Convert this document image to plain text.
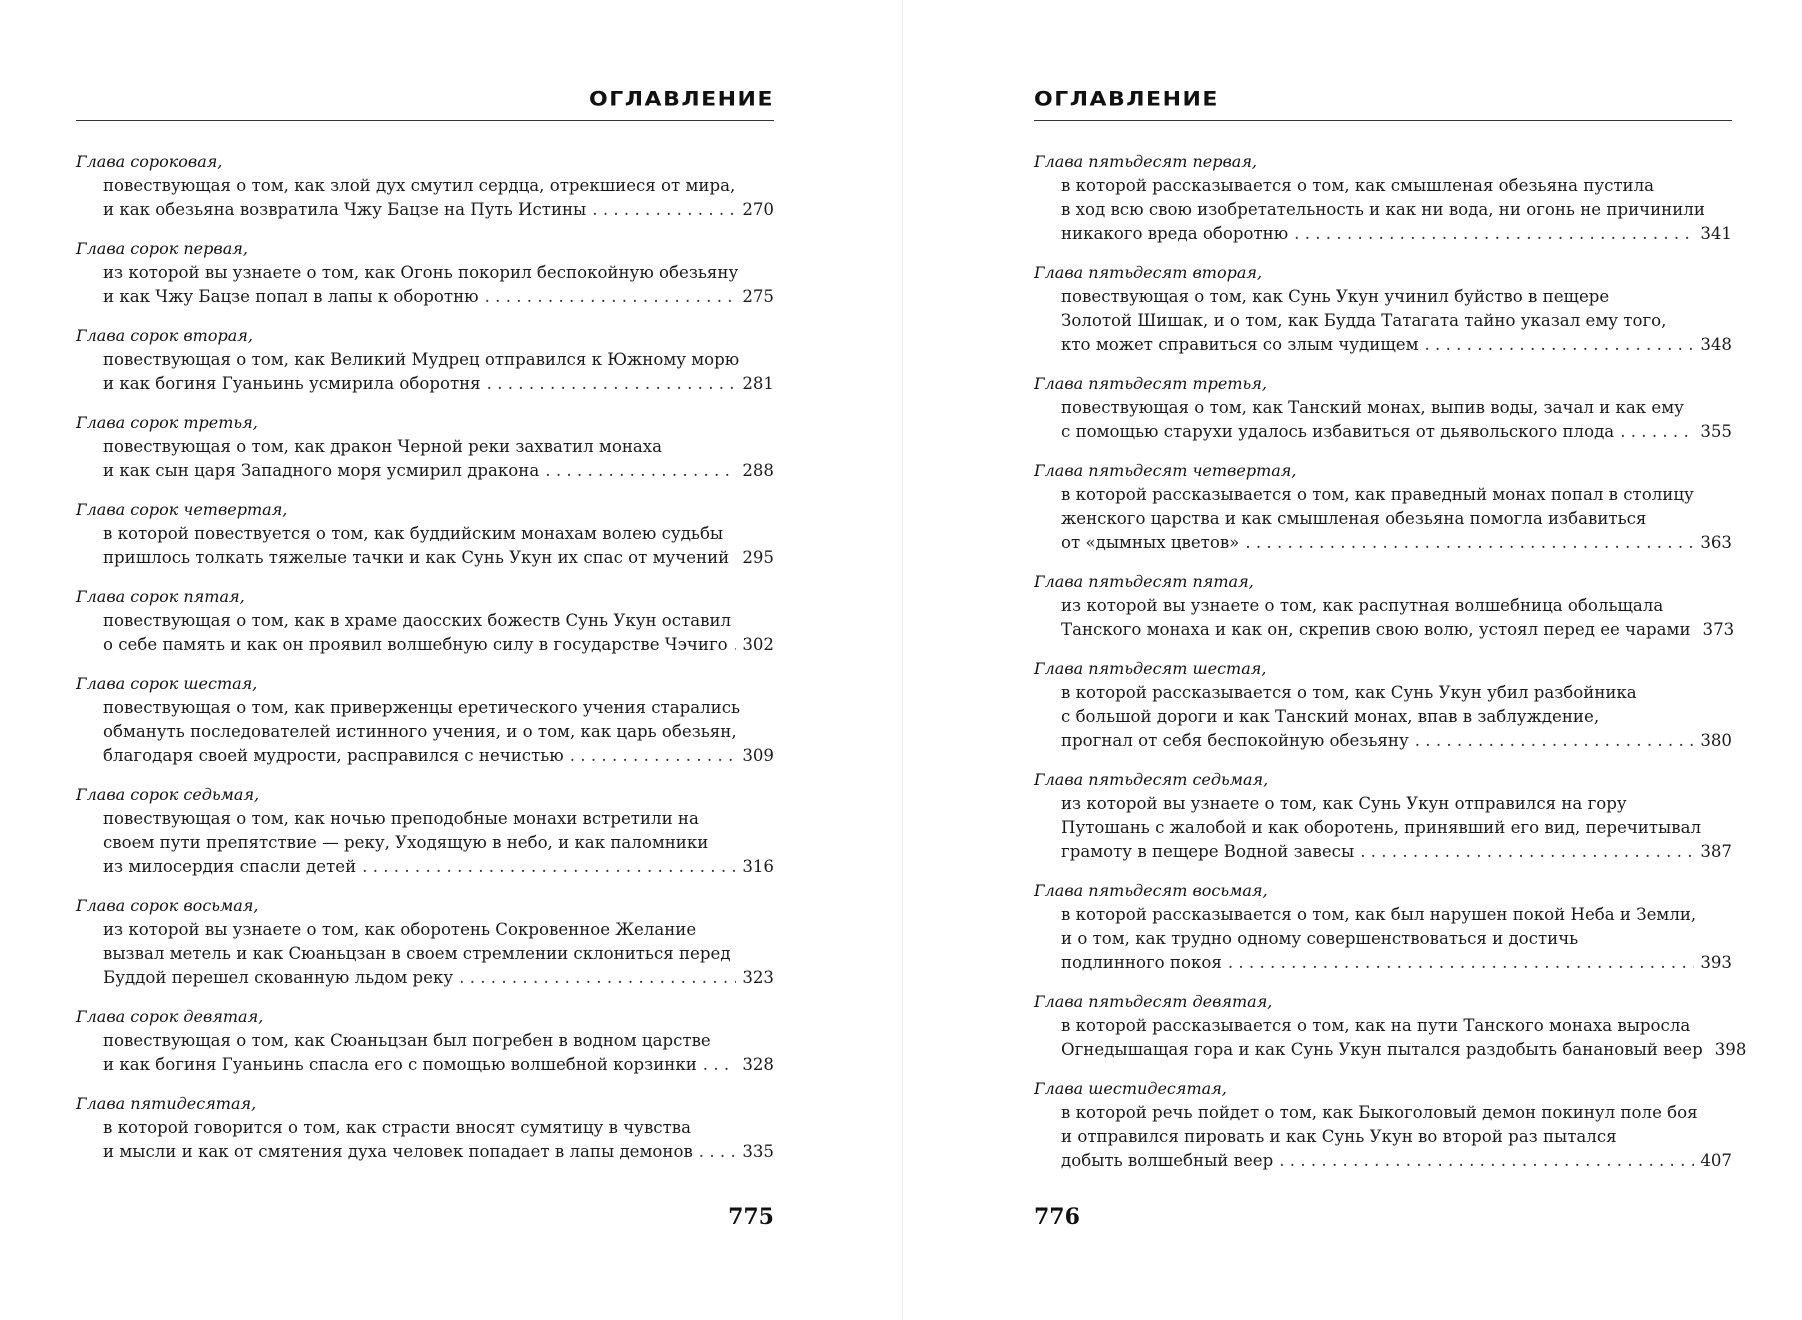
ОГЛАВЛЕНИЕ
Глава сороковая,
повествующая о том, как злой дух смутил сердца, отрекшиеся от мира,
и как обезьяна возвратила Чжу Бацзе на Путь Истины . . .	270
Глава сорок первая,
из которой вы узнаете о том, как Огонь покорил беспокойную обезьяну
и как Чжу Бацзе попал в лапы к оборотню . . .	275
Глава сорок вторая,
повествующая о том, как Великий Мудрец отправился к Южному морю
и как богиня Гуаньинь усмирила оборотня . . .	281
Глава сорок третья,
повествующая о том, как дракон Черной реки захватил монаха
и как сын царя Западного моря усмирил дракона . . .	288
Глава сорок четвертая,
в которой повествуется о том, как буддийским монахам волею судьбы
пришлось толкать тяжелые тачки и как Сунь Укун их спас от мучений . . . 295
Глава сорок пятая,
повествующая о том, как в храме даосских божеств Сунь Укун оставил
о себе память и как он проявил волшебную силу в государстве Чэчиго . . . 302
Глава сорок шестая,
повествующая о том, как приверженцы еретического учения старались
обмануть последователей истинного учения, и о том, как царь обезьян,
благодаря своей мудрости, расправился с нечистью . . .	309
Глава сорок седьмая,
повествующая о том, как ночью преподобные монахи встретили на
своем пути препятствие — реку, Уходящую в небо, и как паломники
из милосердия спасли детей . . .	316
Глава сорок восьмая,
из которой вы узнаете о том, как оборотень Сокровенное Желание
вызвал метель и как Сюаньцзан в своем стремлении склониться перед
Буддой перешел скованную льдом реку . . .	323
Глава сорок девятая,
повествующая о том, как Сюаньцзан был погребен в водном царстве
и как богиня Гуаньинь спасла его с помощью волшебной корзинки . . .	328
Глава пятидесятая,
в которой говорится о том, как страсти вносят сумятицу в чувства
и мысли и как от смятения духа человек попадает в лапы демонов . . .	335
775
ОГЛАВЛЕНИЕ
Глава пятьдесят первая,
в которой рассказывается о том, как смышленая обезьяна пустила
в ход всю свою изобретательность и как ни вода, ни огонь не причинили
никакого вреда оборотню . . .	341
Глава пятьдесят вторая,
повествующая о том, как Сунь Укун учинил буйство в пещере
Золотой Шишак, и о том, как Будда Татагата тайно указал ему того,
кто может справиться со злым чудищем . . .	348
Глава пятьдесят третья,
повествующая о том, как Танский монах, выпив воды, зачал и как ему
с помощью старухи удалось избавиться от дьявольского плода . . .	355
Глава пятьдесят четвертая,
в которой рассказывается о том, как праведный монах попал в столицу
женского царства и как смышленая обезьяна помогла избавиться
от «дымных цветов» . . .	363
Глава пятьдесят пятая,
из которой вы узнаете о том, как распутная волшебница обольщала
Танского монаха и как он, скрепив свою волю, устоял перед ее чарами 373
Глава пятьдесят шестая,
в которой рассказывается о том, как Сунь Укун убил разбойника
с большой дороги и как Танский монах, впав в заблуждение,
прогнал от себя беспокойную обезьяну . . .	380
Глава пятьдесят седьмая,
из которой вы узнаете о том, как Сунь Укун отправился на гору
Путошань с жалобой и как оборотень, принявший его вид, перечитывал
грамоту в пещере Водной завесы . . .	387
Глава пятьдесят восьмая,
в которой рассказывается о том, как был нарушен покой Неба и Земли,
и о том, как трудно одному совершенствоваться и достичь
подлинного покоя . . .	393
Глава пятьдесят девятая,
в которой рассказывается о том, как на пути Танского монаха выросла
Огнедышащая гора и как Сунь Укун пытался раздобыть банановый веер 398
Глава шестидесятая,
в которой речь пойдет о том, как Быкоголовый демон покинул поле боя
и отправился пировать и как Сунь Укун во второй раз пытался
добыть волшебный веер . . .	407
776
